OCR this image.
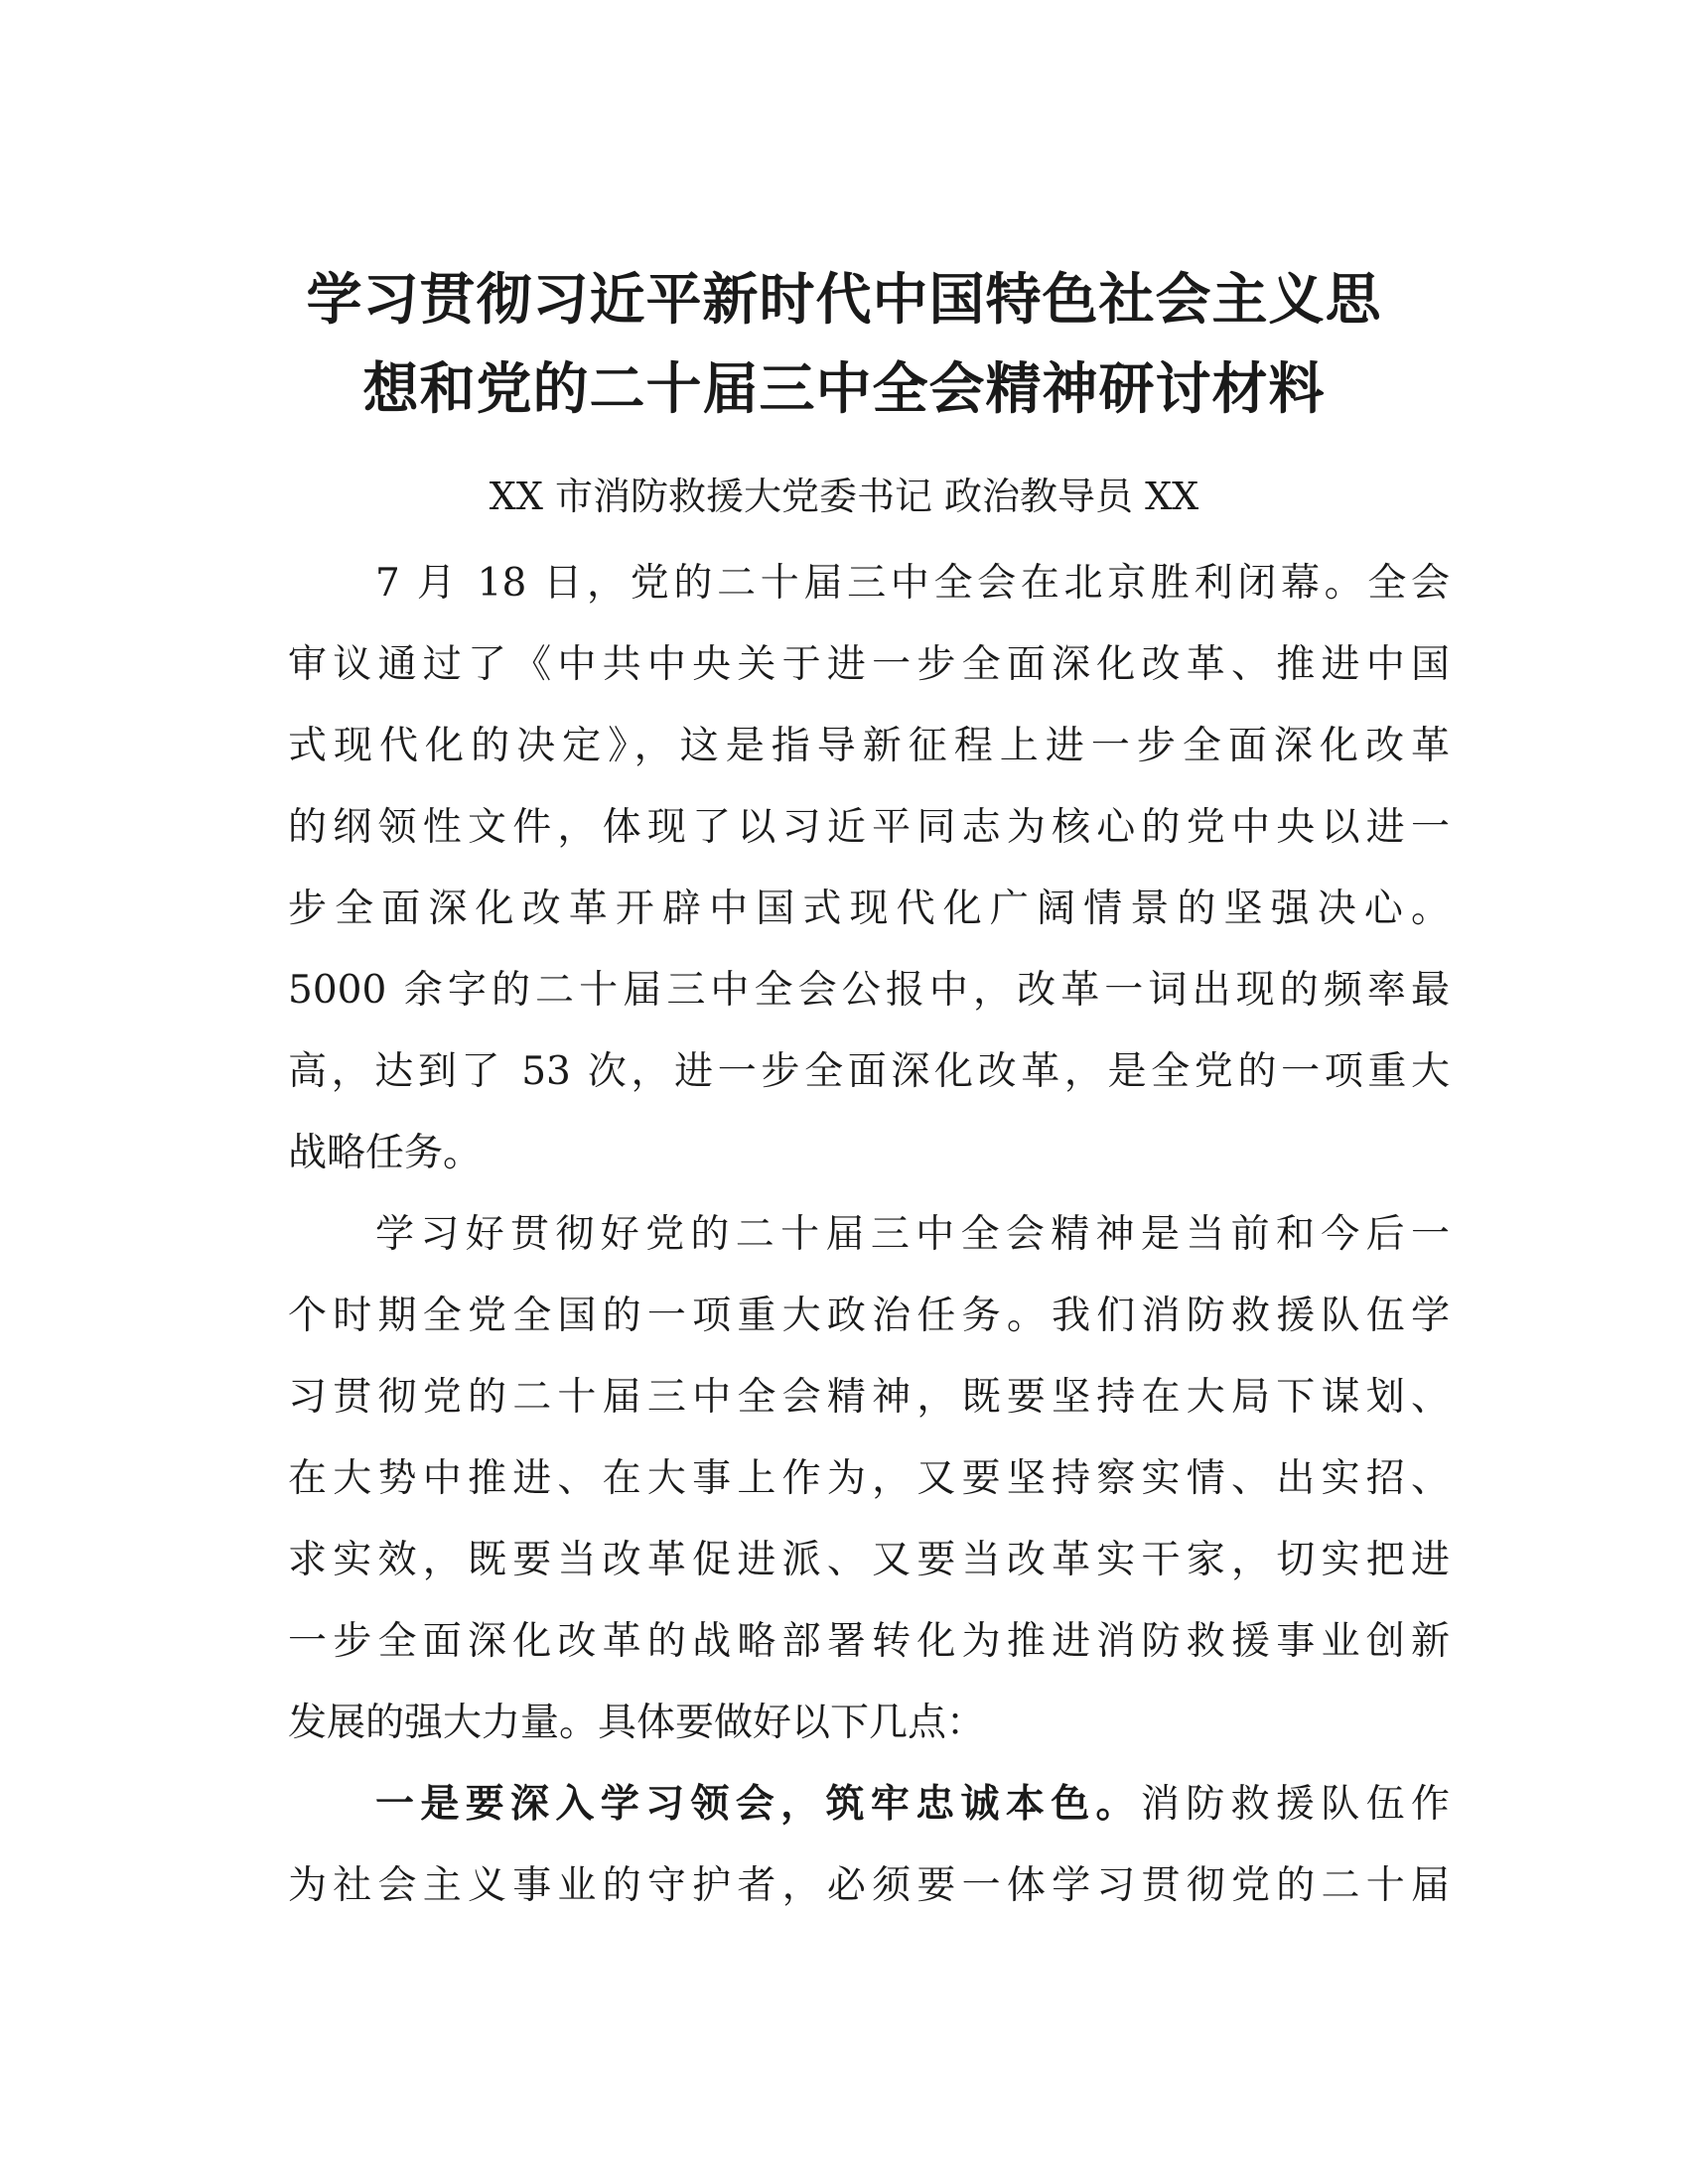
学习贯彻习近平新时代中国特色社会主义思
想和党的二十届三中全会精神研讨材料

XX 市消防救援大党委书记 政治教导员 XX

7 月 18 日，党的二十届三中全会在北京胜利闭幕。全会
审议通过了《中共中央关于进一步全面深化改革、推进中国
式现代化的决定》，这是指导新征程上进一步全面深化改革
的纲领性文件，体现了以习近平同志为核心的党中央以进一
步全面深化改革开辟中国式现代化广阔情景的坚强决心。
5000 余字的二十届三中全会公报中，改革一词出现的频率最
高，达到了 53 次，进一步全面深化改革，是全党的一项重大
战略任务。
学习好贯彻好党的二十届三中全会精神是当前和今后一
个时期全党全国的一项重大政治任务。我们消防救援队伍学
习贯彻党的二十届三中全会精神，既要坚持在大局下谋划、
在大势中推进、在大事上作为，又要坚持察实情、出实招、
求实效，既要当改革促进派、又要当改革实干家，切实把进
一步全面深化改革的战略部署转化为推进消防救援事业创新
发展的强大力量。具体要做好以下几点：
一是要深入学习领会，筑牢忠诚本色。消防救援队伍作
为社会主义事业的守护者，必须要一体学习贯彻党的二十届
